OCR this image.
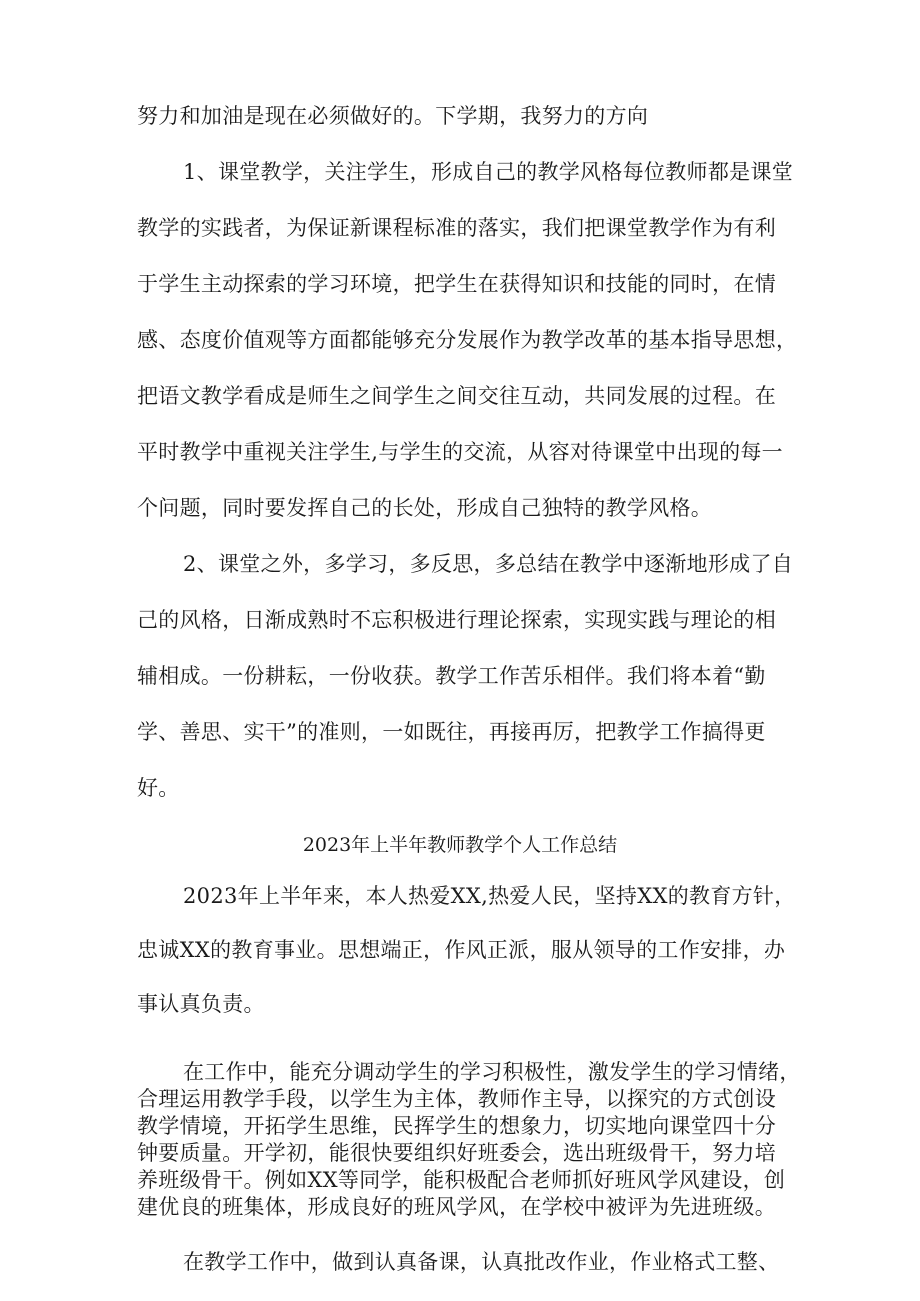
努力和加油是现在必须做好的。下学期，我努力的方向
1、课堂教学，关注学生，形成自己的教学风格每位教师都是课堂
教学的实践者，为保证新课程标准的落实，我们把课堂教学作为有利
于学生主动探索的学习环境，把学生在获得知识和技能的同时，在情
感、态度价值观等方面都能够充分发展作为教学改革的基本指导思想，
把语文教学看成是师生之间学生之间交往互动，共同发展的过程。在
平时教学中重视关注学生,与学生的交流，从容对待课堂中出现的每一
个问题，同时要发挥自己的长处，形成自己独特的教学风格。
2、课堂之外，多学习，多反思，多总结在教学中逐渐地形成了自
己的风格，日渐成熟时不忘积极进行理论探索，实现实践与理论的相
辅相成。一份耕耘，一份收获。教学工作苦乐相伴。我们将本着“勤
学、善思、实干”的准则，一如既往，再接再厉，把教学工作搞得更
好。
2023年上半年教师教学个人工作总结
2023年上半年来，本人热爱XX,热爱人民，坚持XX的教育方针，
忠诚XX的教育事业。思想端正，作风正派，服从领导的工作安排，办
事认真负责。
在工作中，能充分调动学生的学习积极性，激发学生的学习情绪，
合理运用教学手段，以学生为主体，教师作主导，以探究的方式创设
教学情境，开拓学生思维，民挥学生的想象力，切实地向课堂四十分
钟要质量。开学初，能很快要组织好班委会，选出班级骨干，努力培
养班级骨干。例如XX等同学，能积极配合老师抓好班风学风建设，创
建优良的班集体，形成良好的班风学风，在学校中被评为先进班级。
在教学工作中，做到认真备课，认真批改作业，作业格式工整、
